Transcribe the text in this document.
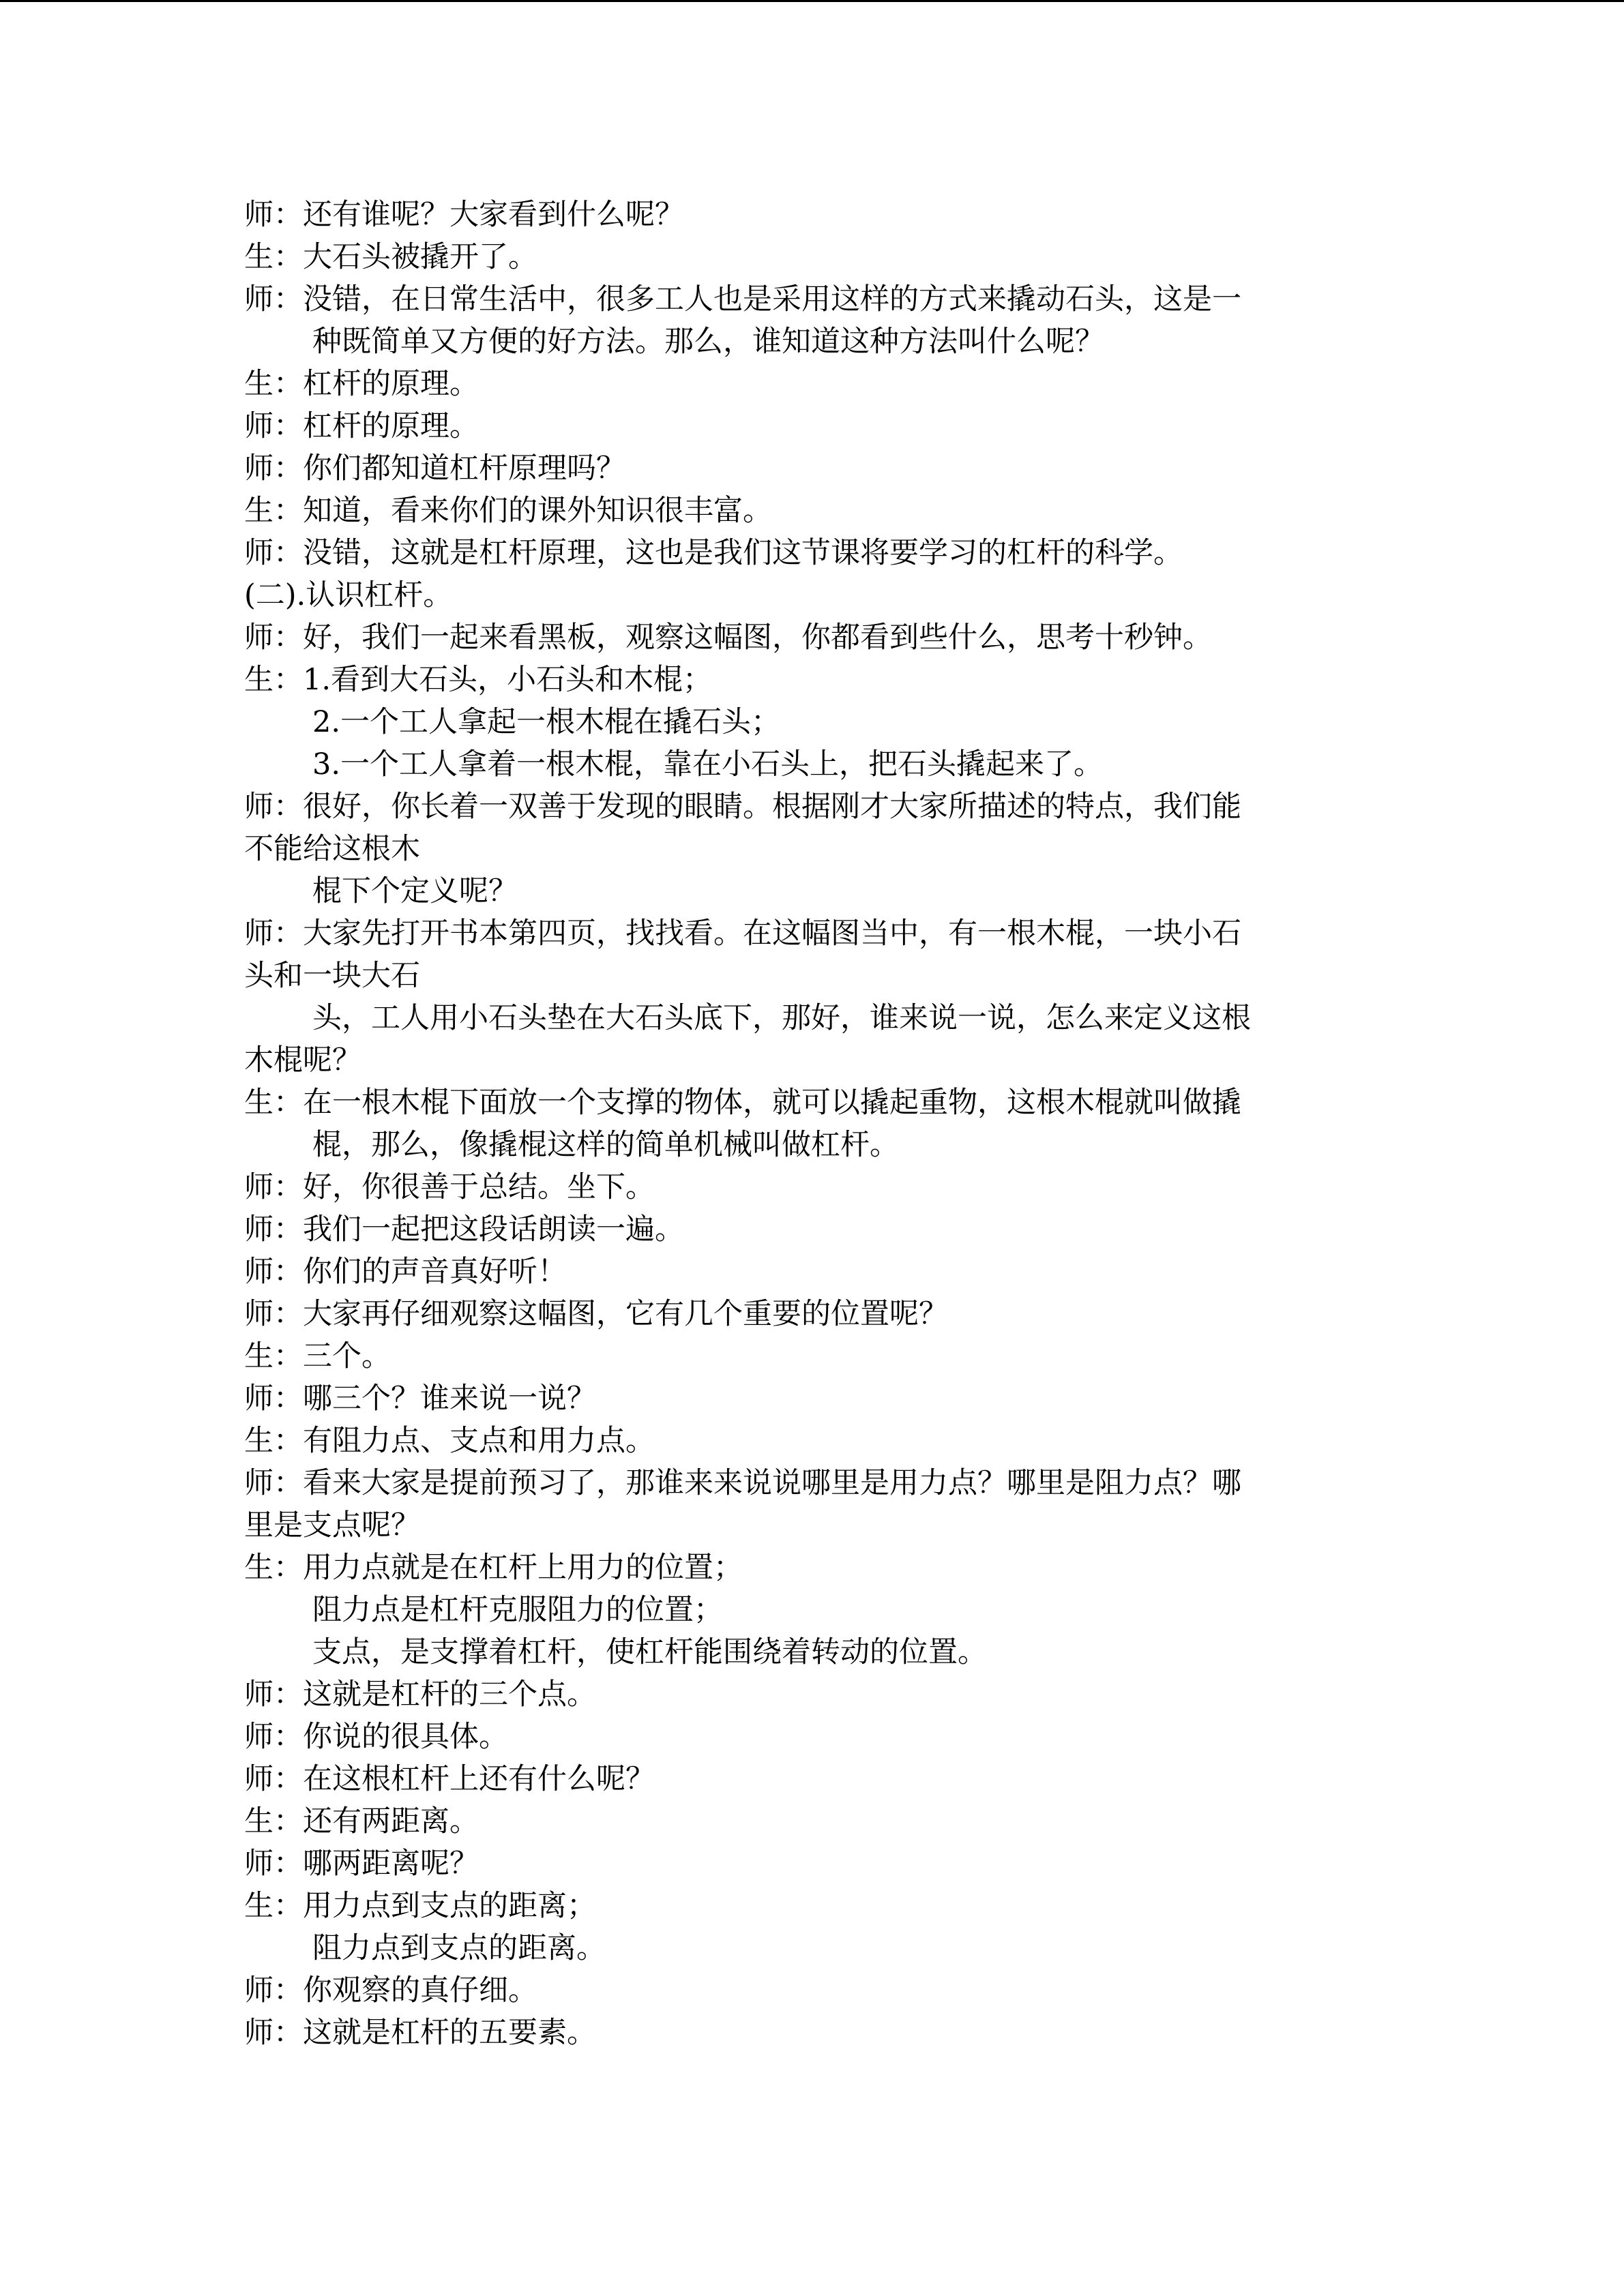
师：还有谁呢？大家看到什么呢？
生：大石头被撬开了。
师：没错，在日常生活中，很多工人也是采用这样的方式来撬动石头，这是一
种既简单又方便的好方法。那么，谁知道这种方法叫什么呢？
生：杠杆的原理。
师：杠杆的原理。
师：你们都知道杠杆原理吗？
生：知道，看来你们的课外知识很丰富。
师：没错，这就是杠杆原理，这也是我们这节课将要学习的杠杆的科学。
(二).认识杠杆。
师：好，我们一起来看黑板，观察这幅图，你都看到些什么，思考十秒钟。
生：1.看到大石头，小石头和木棍；
2.一个工人拿起一根木棍在撬石头；
3.一个工人拿着一根木棍，靠在小石头上，把石头撬起来了。
师：很好，你长着一双善于发现的眼睛。根据刚才大家所描述的特点，我们能
不能给这根木
棍下个定义呢？
师：大家先打开书本第四页，找找看。在这幅图当中，有一根木棍，一块小石
头和一块大石
头，工人用小石头垫在大石头底下，那好，谁来说一说，怎么来定义这根
木棍呢？
生：在一根木棍下面放一个支撑的物体，就可以撬起重物，这根木棍就叫做撬
棍，那么，像撬棍这样的简单机械叫做杠杆。
师：好，你很善于总结。坐下。
师：我们一起把这段话朗读一遍。
师：你们的声音真好听！
师：大家再仔细观察这幅图，它有几个重要的位置呢？
生：三个。
师：哪三个？谁来说一说？
生：有阻力点、支点和用力点。
师：看来大家是提前预习了，那谁来来说说哪里是用力点？哪里是阻力点？哪
里是支点呢？
生：用力点就是在杠杆上用力的位置；
阻力点是杠杆克服阻力的位置；
支点，是支撑着杠杆，使杠杆能围绕着转动的位置。
师：这就是杠杆的三个点。
师：你说的很具体。
师：在这根杠杆上还有什么呢？
生：还有两距离。
师：哪两距离呢？
生：用力点到支点的距离；
阻力点到支点的距离。
师：你观察的真仔细。
师：这就是杠杆的五要素。
